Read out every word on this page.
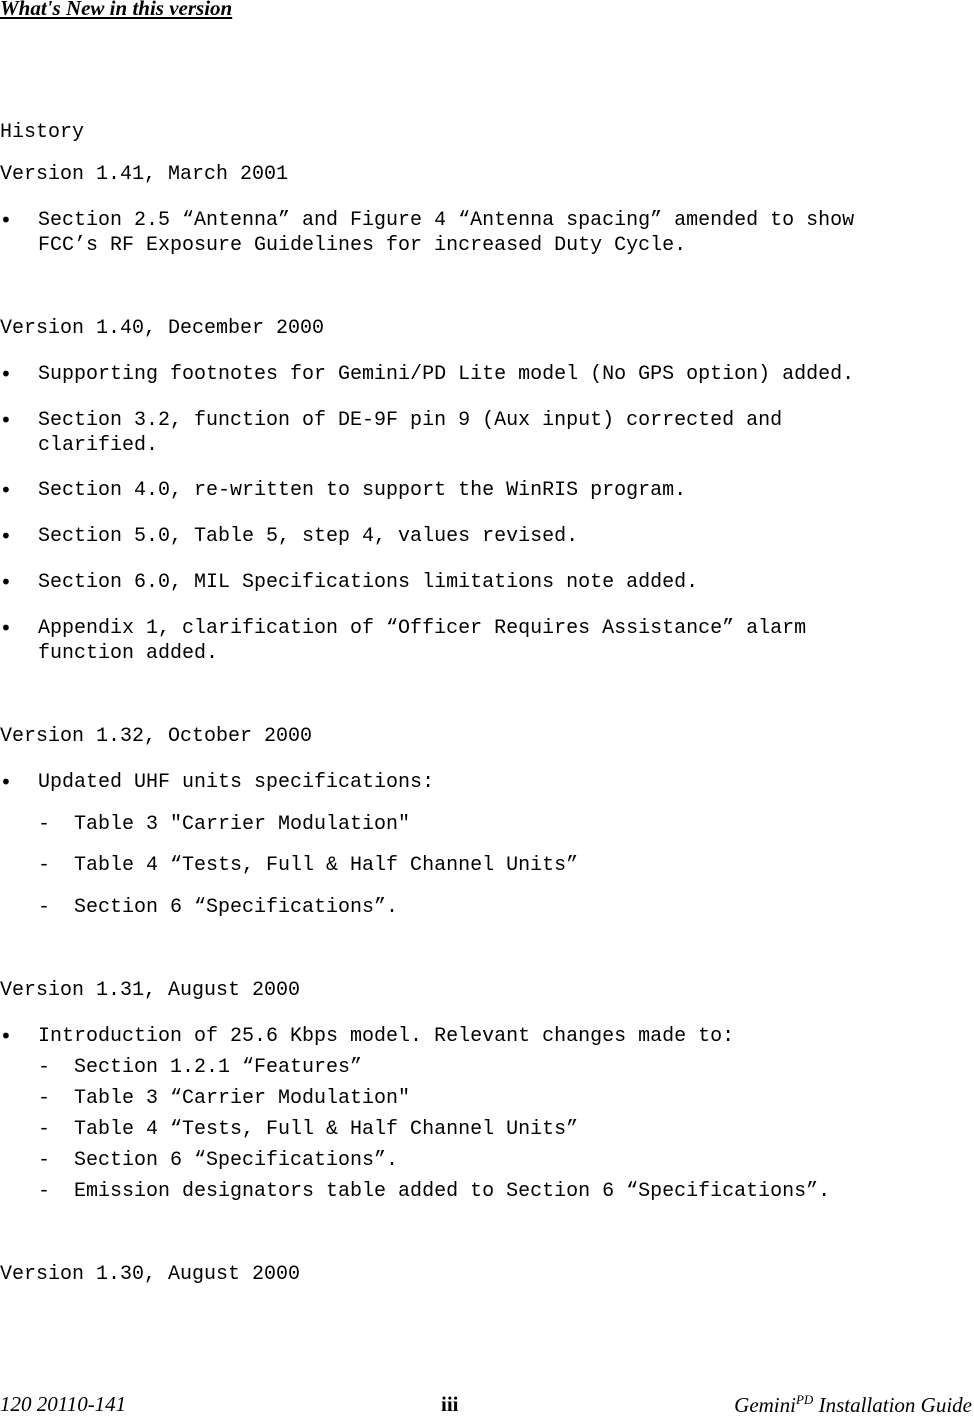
What's New in this version
History
Version 1.41, March 2001
• Section 2.5 “Antenna” and Figure 4 “Antenna spacing” amended to show
FCC’s RF Exposure Guidelines for increased Duty Cycle.
Version 1.40, December 2000
• Supporting footnotes for Gemini/PD Lite model (No GPS option) added.
• Section 3.2, function of DE-9F pin 9 (Aux input) corrected and
clarified.
• Section 4.0, re-written to support the WinRIS program.
• Section 5.0, Table 5, step 4, values revised.
• Section 6.0, MIL Specifications limitations note added.
• Appendix 1, clarification of “Officer Requires Assistance” alarm
function added.
Version 1.32, October 2000
• Updated UHF units specifications:
-  Table 3 "Carrier Modulation"
-  Table 4 “Tests, Full & Half Channel Units”
-  Section 6 “Specifications”.
Version 1.31, August 2000
• Introduction of 25.6 Kbps model. Relevant changes made to:
-  Section 1.2.1 “Features”
-  Table 3 “Carrier Modulation"
-  Table 4 “Tests, Full & Half Channel Units”
-  Section 6 “Specifications”.
-  Emission designators table added to Section 6 “Specifications”.
Version 1.30, August 2000
120 20110-141	iii	Gemini$^{PD}$ Installation Guide
